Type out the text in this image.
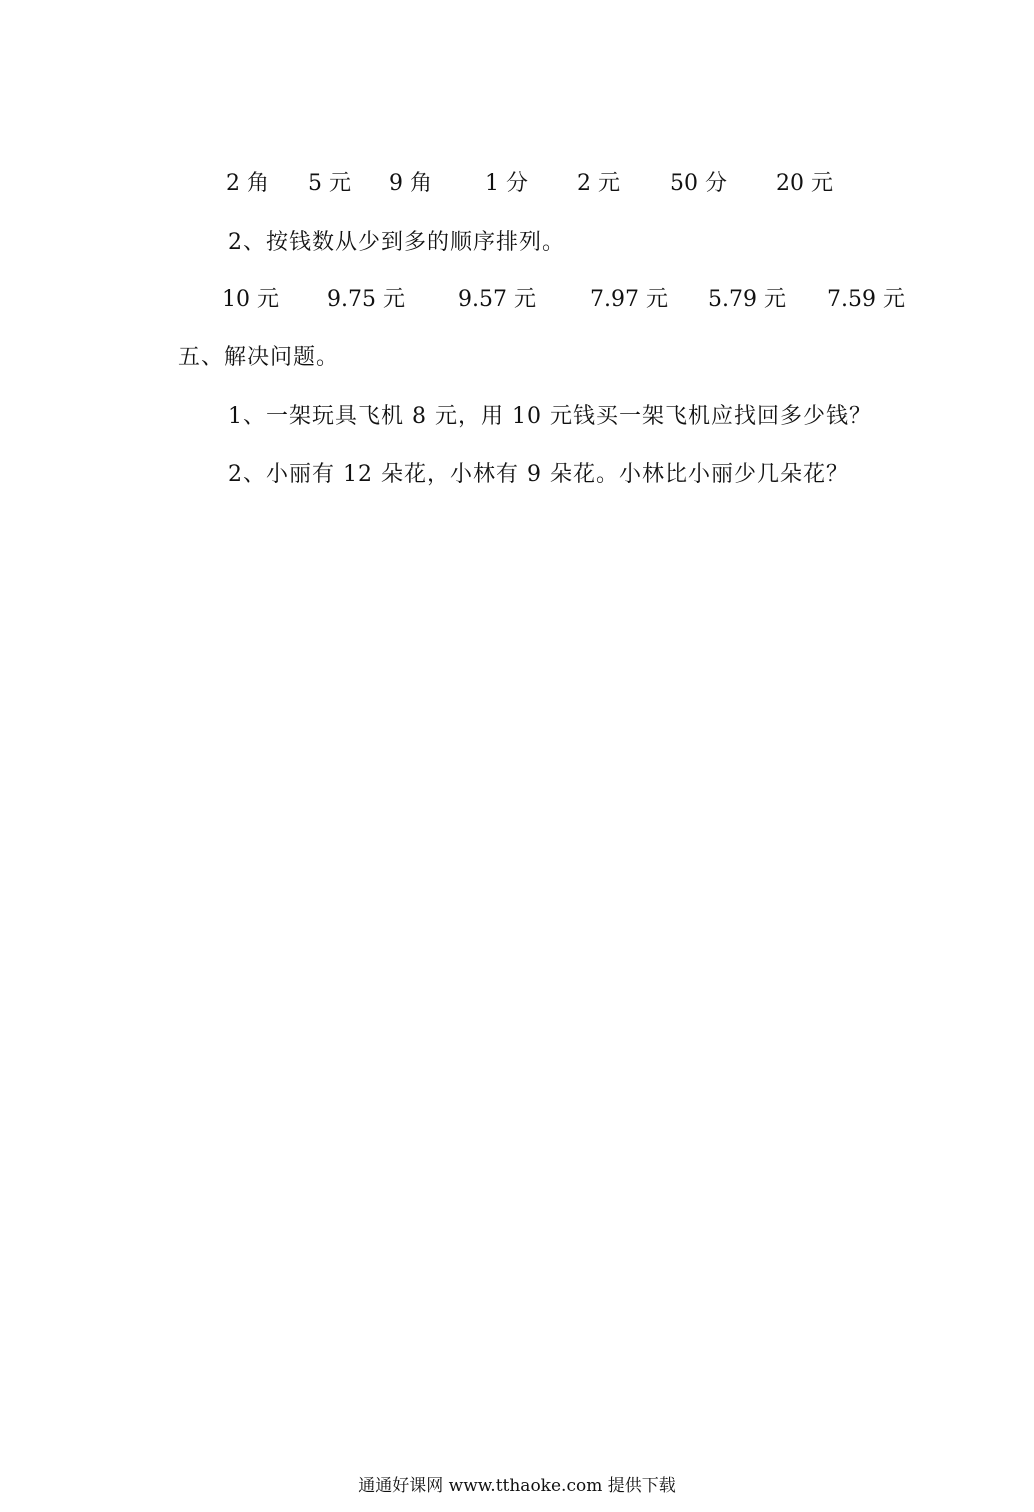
2 角 5 元 9 角 1 分 2 元 50 分 20 元
2、按钱数从少到多的顺序排列。
10 元 9.75 元 9.57 元 7.97 元 5.79 元 7.59 元
五、解决问题。
1、一架玩具飞机 8 元，用 10 元钱买一架飞机应找回多少钱？
2、小丽有 12 朵花，小林有 9 朵花。小林比小丽少几朵花？
通通好课网 www.tthaoke.com 提供下载
